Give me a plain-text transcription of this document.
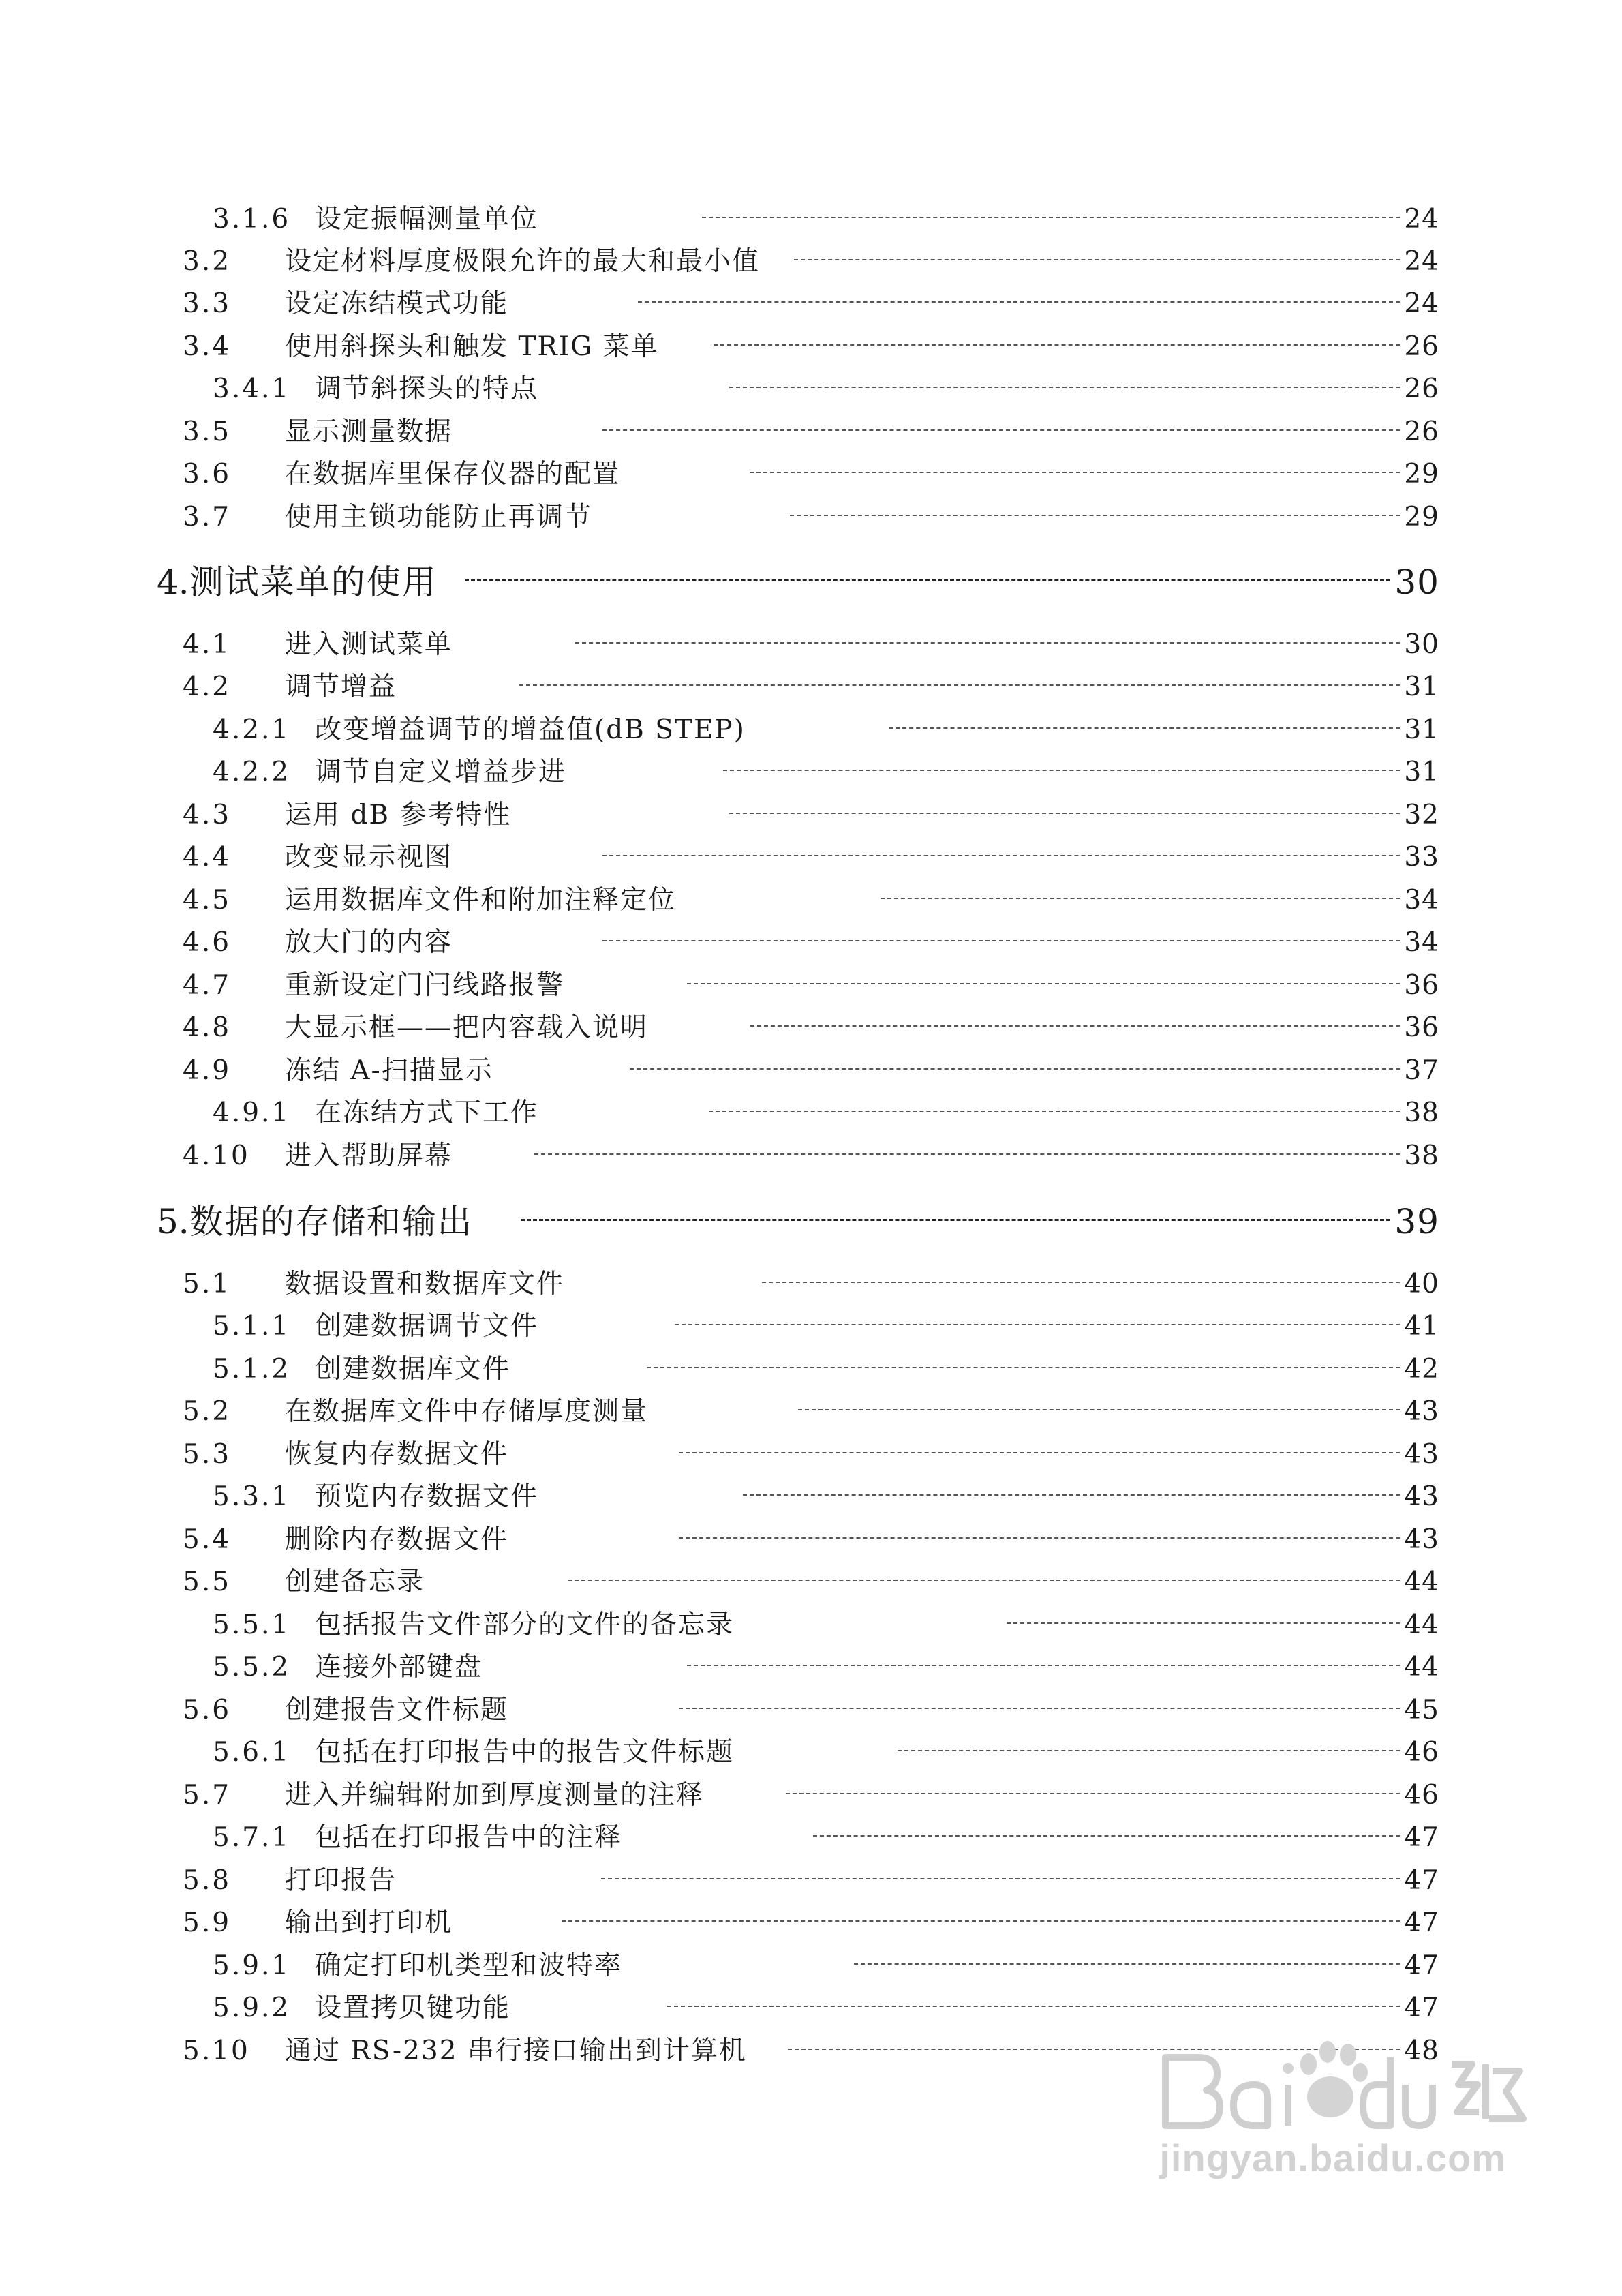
3.1.6 设定振幅测量单位	24
3.2	设定材料厚度极限允许的最大和最小值	24
3.3	设定冻结模式功能	24
3.4	使用斜探头和触发 TRIG 菜单	26
3.4.1 调节斜探头的特点	26
3.5	显示测量数据	26
3.6	在数据库里保存仪器的配置	29
3.7	使用主锁功能防止再调节	29
4. 测试菜单的使用	30
4.1	进入测试菜单	30
4.2	调节增益	31
4.2.1 改变增益调节的增益值(dB STEP)	31
4.2.2 调节自定义增益步进	31
4.3	运用 dB 参考特性	32
4.4	改变显示视图	33
4.5	运用数据库文件和附加注释定位	34
4.6	放大门的内容	34
4.7	重新设定门闩线路报警	36
4.8	大显示框——把内容载入说明	36
4.9	冻结 A-扫描显示	37
4.9.1 在冻结方式下工作	38
4.10	进入帮助屏幕	38
5. 数据的存储和输出	39
5.1	数据设置和数据库文件	40
5.1.1 创建数据调节文件	41
5.1.2 创建数据库文件	42
5.2	在数据库文件中存储厚度测量	43
5.3	恢复内存数据文件	43
5.3.1 预览内存数据文件	43
5.4	删除内存数据文件	43
5.5	创建备忘录	44
5.5.1 包括报告文件部分的文件的备忘录	44
5.5.2 连接外部键盘	44
5.6	创建报告文件标题	45
5.6.1 包括在打印报告中的报告文件标题	46
5.7	进入并编辑附加到厚度测量的注释	46
5.7.1 包括在打印报告中的注释	47
5.8	打印报告	47
5.9	输出到打印机	47
5.9.1 确定打印机类型和波特率	47
5.9.2 设置拷贝键功能	47
5.10	通过 RS-232 串行接口输出到计算机	48
jingyan.baidu.com
